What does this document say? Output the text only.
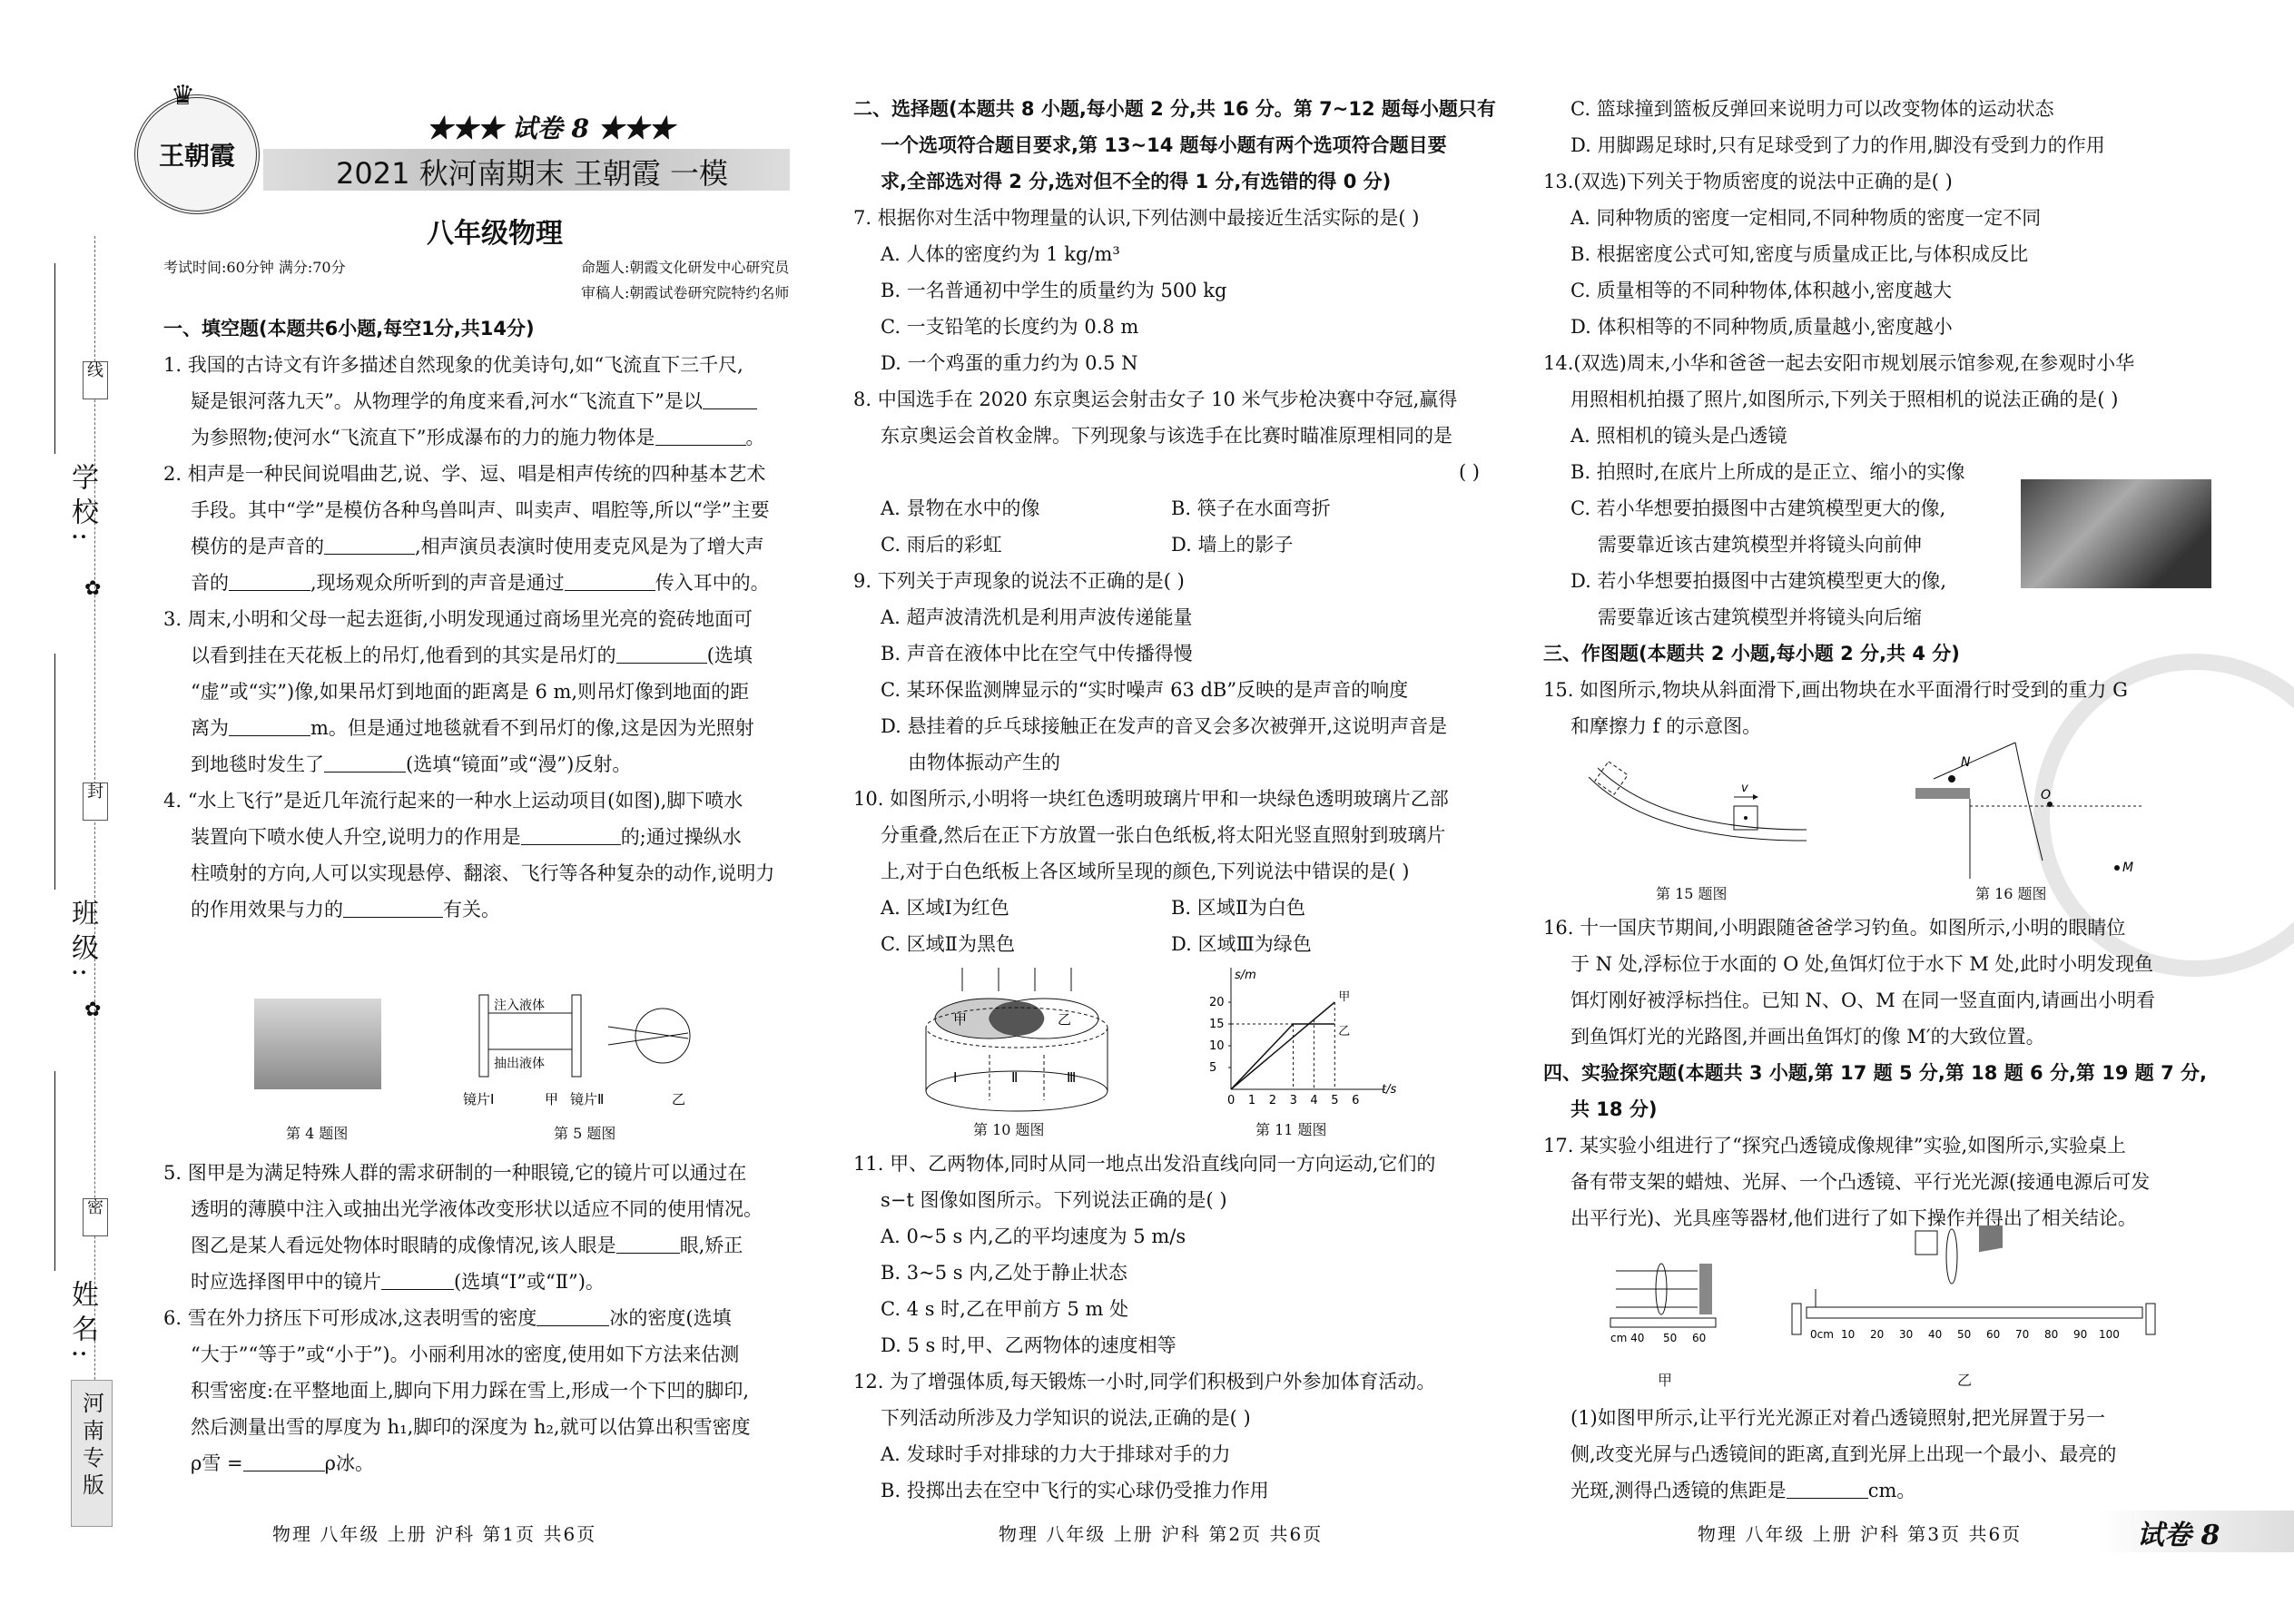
线
封
密
✿
✿
学校:
班级:
姓名:
河南专版
王朝霞
♛
★★★ 试卷 8 ★★★
2021 秋河南期末 王朝霞 一模
八年级物理
考试时间:60分钟 满分:70分	命题人:朝霞文化研发中心研究员
审稿人:朝霞试卷研究院特约名师

一、填空题(本题共6小题,每空1分,共14分)

1. 我国的古诗文有许多描述自然现象的优美诗句,如“飞流直下三千尺,

疑是银河落九天”。从物理学的角度来看,河水“飞流直下”是以

为参照物;使河水“飞流直下”形成瀑布的力的施力物体是	。

2. 相声是一种民间说唱曲艺,说、学、逗、唱是相声传统的四种基本艺术

手段。其中“学”是模仿各种鸟兽叫声、叫卖声、唱腔等,所以“学”主要

模仿的是声音的	,相声演员表演时使用麦克风是为了增大声

音的	,现场观众所听到的声音是通过	传入耳中的。

3. 周末,小明和父母一起去逛街,小明发现通过商场里光亮的瓷砖地面可

以看到挂在天花板上的吊灯,他看到的其实是吊灯的	(选填

“虚”或“实”)像,如果吊灯到地面的距离是 6 m,则吊灯像到地面的距

离为	m。但是通过地毯就看不到吊灯的像,这是因为光照射

到地毯时发生了	(选填“镜面”或“漫”)反射。

4. “水上飞行”是近几年流行起来的一种水上运动项目(如图),脚下喷水

装置向下喷水使人升空,说明力的作用是	的;通过操纵水

柱喷射的方向,人可以实现悬停、翻滚、飞行等各种复杂的动作,说明力

的作用效果与力的	有关。

第 4 题图
注入液体
抽出液体
镜片Ⅰ	甲 镜片Ⅱ	乙
第 5 题图

5. 图甲是为满足特殊人群的需求研制的一种眼镜,它的镜片可以通过在

透明的薄膜中注入或抽出光学液体改变形状以适应不同的使用情况。

图乙是某人看远处物体时眼睛的成像情况,该人眼是	眼,矫正

时应选择图甲中的镜片	(选填“Ⅰ”或“Ⅱ”)。

6. 雪在外力挤压下可形成冰,这表明雪的密度	冰的密度(选填

“大于”“等于”或“小于”)。小丽利用冰的密度,使用如下方法来估测

积雪密度:在平整地面上,脚向下用力踩在雪上,形成一个下凹的脚印,

然后测量出雪的厚度为 h₁,脚印的深度为 h₂,就可以估算出积雪密度

ρ雪 =	ρ冰。

物理 八年级 上册 沪科 第1页 共6页

二、选择题(本题共 8 小题,每小题 2 分,共 16 分。第 7~12 题每小题只有

一个选项符合题目要求,第 13~14 题每小题有两个选项符合题目要

求,全部选对得 2 分,选对但不全的得 1 分,有选错的得 0 分)

7. 根据你对生活中物理量的认识,下列估测中最接近生活实际的是( )

A. 人体的密度约为 1 kg/m³

B. 一名普通初中学生的质量约为 500 kg

C. 一支铅笔的长度约为 0.8 m

D. 一个鸡蛋的重力约为 0.5 N

8. 中国选手在 2020 东京奥运会射击女子 10 米气步枪决赛中夺冠,赢得

东京奥运会首枚金牌。下列现象与该选手在比赛时瞄准原理相同的是

( )

A. 景物在水中的像	B. 筷子在水面弯折
C. 雨后的彩虹	D. 墙上的影子

9. 下列关于声现象的说法不正确的是( )

A. 超声波清洗机是利用声波传递能量

B. 声音在液体中比在空气中传播得慢

C. 某环保监测牌显示的“实时噪声 63 dB”反映的是声音的响度

D. 悬挂着的乒乓球接触正在发声的音叉会多次被弹开,这说明声音是

由物体振动产生的

10. 如图所示,小明将一块红色透明玻璃片甲和一块绿色透明玻璃片乙部

分重叠,然后在正下方放置一张白色纸板,将太阳光竖直照射到玻璃片

上,对于白色纸板上各区域所呈现的颜色,下列说法中错误的是( )

A. 区域Ⅰ为红色	B. 区域Ⅱ为白色
C. 区域Ⅱ为黑色	D. 区域Ⅲ为绿色
甲	乙
Ⅰ	Ⅱ	Ⅲ
第 10 题图
t/s
s/m
0 1 2 3 4 5 6
5
10
15
20	甲
乙
第 11 题图

11. 甲、乙两物体,同时从同一地点出发沿直线向同一方向运动,它们的

s−t 图像如图所示。下列说法正确的是( )

A. 0~5 s 内,乙的平均速度为 5 m/s

B. 3~5 s 内,乙处于静止状态

C. 4 s 时,乙在甲前方 5 m 处

D. 5 s 时,甲、乙两物体的速度相等

12. 为了增强体质,每天锻炼一小时,同学们积极到户外参加体育活动。

下列活动所涉及力学知识的说法,正确的是( )

A. 发球时手对排球的力大于排球对手的力

B. 投掷出去在空中飞行的实心球仍受推力作用

物理 八年级 上册 沪科 第2页 共6页

C. 篮球撞到篮板反弹回来说明力可以改变物体的运动状态

D. 用脚踢足球时,只有足球受到了力的作用,脚没有受到力的作用

13.(双选)下列关于物质密度的说法中正确的是( )

A. 同种物质的密度一定相同,不同种物质的密度一定不同

B. 根据密度公式可知,密度与质量成正比,与体积成反比

C. 质量相等的不同种物体,体积越小,密度越大

D. 体积相等的不同种物质,质量越小,密度越小

14.(双选)周末,小华和爸爸一起去安阳市规划展示馆参观,在参观时小华

用照相机拍摄了照片,如图所示,下列关于照相机的说法正确的是( )

A. 照相机的镜头是凸透镜

B. 拍照时,在底片上所成的是正立、缩小的实像

C. 若小华想要拍摄图中古建筑模型更大的像,

需要靠近该古建筑模型并将镜头向前伸

D. 若小华想要拍摄图中古建筑模型更大的像,

需要靠近该古建筑模型并将镜头向后缩

三、作图题(本题共 2 小题,每小题 2 分,共 4 分)

15. 如图所示,物块从斜面滑下,画出物块在水平面滑行时受到的重力 G

和摩擦力 f 的示意图。

v
第 15 题图
N
O
M
第 16 题图

16. 十一国庆节期间,小明跟随爸爸学习钓鱼。如图所示,小明的眼睛位

于 N 处,浮标位于水面的 O 处,鱼饵灯位于水下 M 处,此时小明发现鱼

饵灯刚好被浮标挡住。已知 N、O、M 在同一竖直面内,请画出小明看

到鱼饵灯光的光路图,并画出鱼饵灯的像 M′的大致位置。

四、实验探究题(本题共 3 小题,第 17 题 5 分,第 18 题 6 分,第 19 题 7 分,

共 18 分)

17. 某实验小组进行了“探究凸透镜成像规律”实验,如图所示,实验桌上

备有带支架的蜡烛、光屏、一个凸透镜、平行光光源(接通电源后可发

出平行光)、光具座等器材,他们进行了如下操作并得出了相关结论。

cm 40 50 60
甲
0cm 10 20 30 40 50 60 70 80 90 100
乙

(1)如图甲所示,让平行光光源正对着凸透镜照射,把光屏置于另一

侧,改变光屏与凸透镜间的距离,直到光屏上出现一个最小、最亮的

光斑,测得凸透镜的焦距是	cm。

物理 八年级 上册 沪科 第3页 共6页	试卷 8
